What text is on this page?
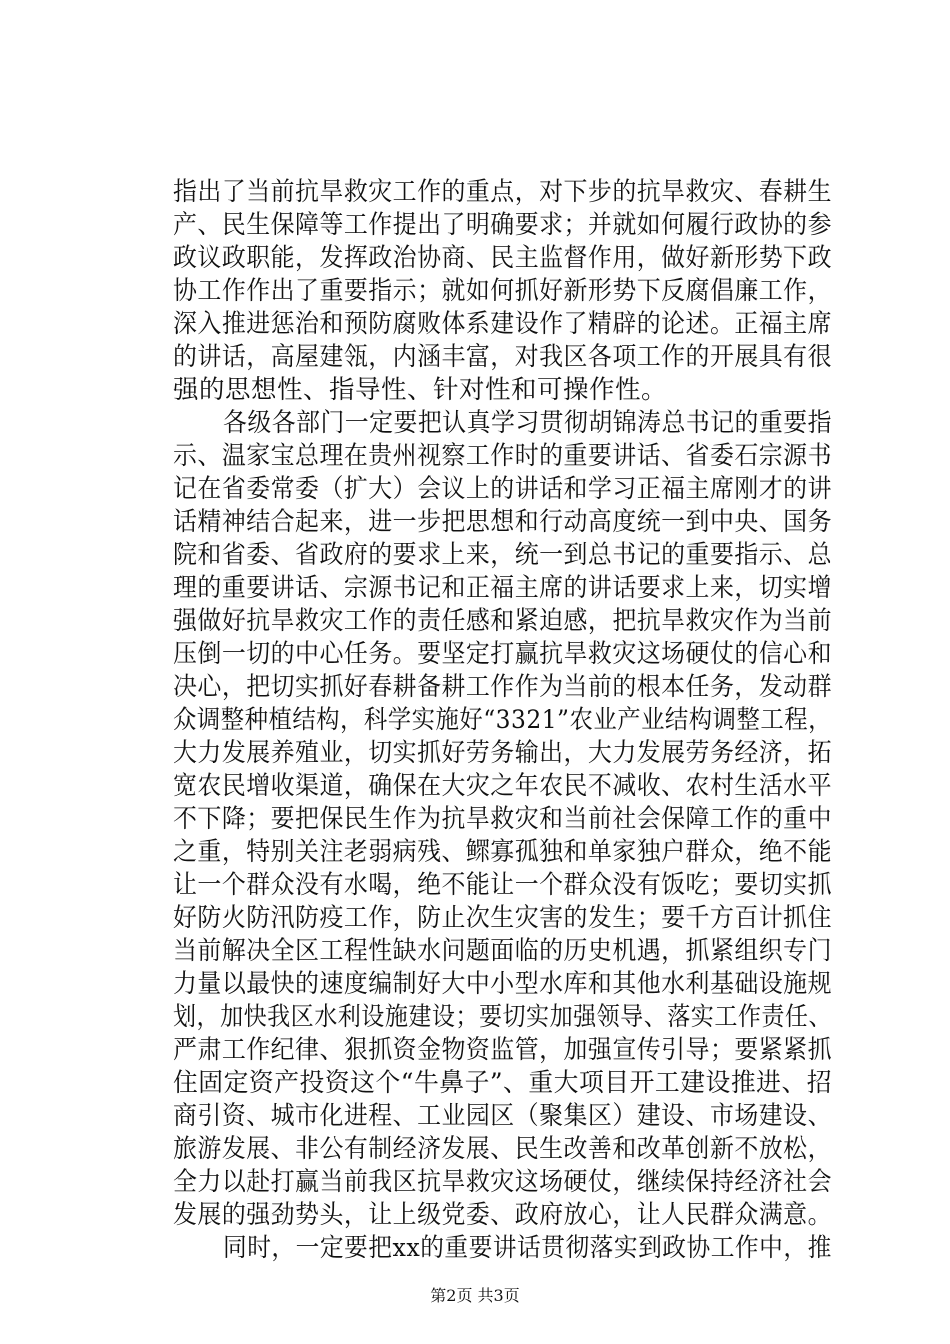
指出了当前抗旱救灾工作的重点，对下步的抗旱救灾、春耕生
产、民生保障等工作提出了明确要求；并就如何履行政协的参
政议政职能，发挥政治协商、民主监督作用，做好新形势下政
协工作作出了重要指示；就如何抓好新形势下反腐倡廉工作，
深入推进惩治和预防腐败体系建设作了精辟的论述。正福主席
的讲话，高屋建瓴，内涵丰富，对我区各项工作的开展具有很
强的思想性、指导性、针对性和可操作性。
各级各部门一定要把认真学习贯彻胡锦涛总书记的重要指
示、温家宝总理在贵州视察工作时的重要讲话、省委石宗源书
记在省委常委（扩大）会议上的讲话和学习正福主席刚才的讲
话精神结合起来，进一步把思想和行动高度统一到中央、国务
院和省委、省政府的要求上来，统一到总书记的重要指示、总
理的重要讲话、宗源书记和正福主席的讲话要求上来，切实增
强做好抗旱救灾工作的责任感和紧迫感，把抗旱救灾作为当前
压倒一切的中心任务。要坚定打赢抗旱救灾这场硬仗的信心和
决心，把切实抓好春耕备耕工作作为当前的根本任务，发动群
众调整种植结构，科学实施好“3321”农业产业结构调整工程，
大力发展养殖业，切实抓好劳务输出，大力发展劳务经济，拓
宽农民增收渠道，确保在大灾之年农民不减收、农村生活水平
不下降；要把保民生作为抗旱救灾和当前社会保障工作的重中
之重，特别关注老弱病残、鳏寡孤独和单家独户群众，绝不能
让一个群众没有水喝，绝不能让一个群众没有饭吃；要切实抓
好防火防汛防疫工作，防止次生灾害的发生；要千方百计抓住
当前解决全区工程性缺水问题面临的历史机遇，抓紧组织专门
力量以最快的速度编制好大中小型水库和其他水利基础设施规
划，加快我区水利设施建设；要切实加强领导、落实工作责任、
严肃工作纪律、狠抓资金物资监管，加强宣传引导；要紧紧抓
住固定资产投资这个“牛鼻子”、重大项目开工建设推进、招
商引资、城市化进程、工业园区（聚集区）建设、市场建设、
旅游发展、非公有制经济发展、民生改善和改革创新不放松，
全力以赴打赢当前我区抗旱救灾这场硬仗，继续保持经济社会
发展的强劲势头，让上级党委、政府放心，让人民群众满意。
同时，一定要把xx的重要讲话贯彻落实到政协工作中，推
第2页 共3页
